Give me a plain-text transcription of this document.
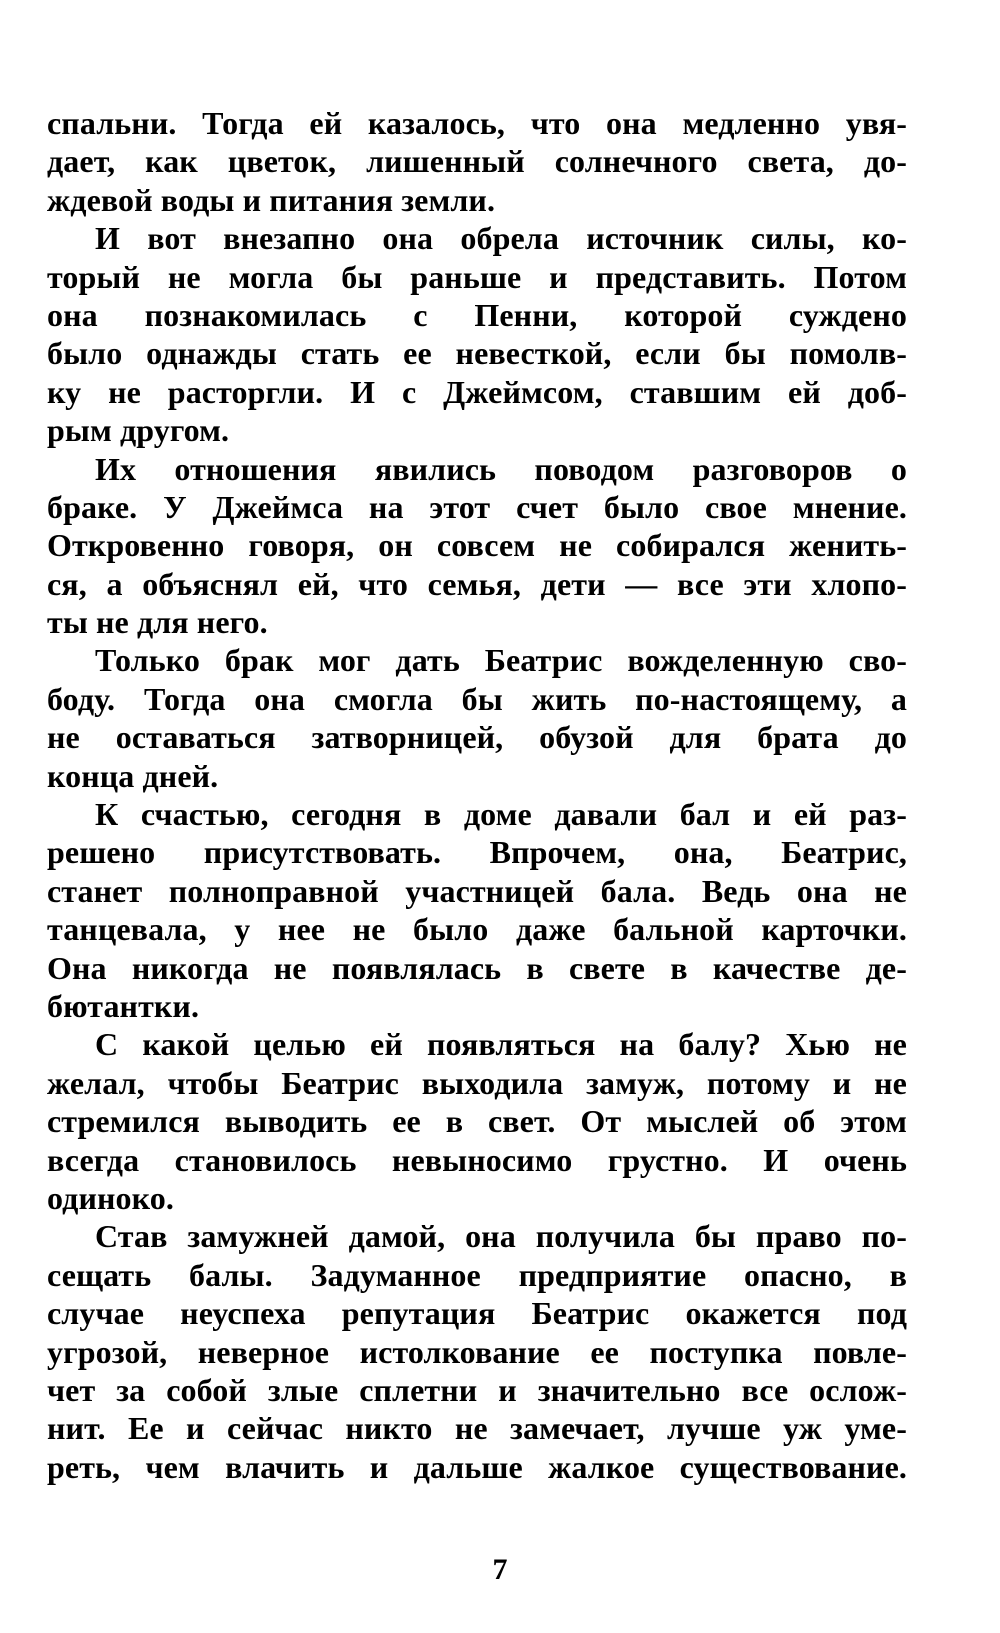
спальни. Тогда ей казалось, что она медленно увя-
дает, как цветок, лишенный солнечного света, до-
ждевой воды и питания земли.
И вот внезапно она обрела источник силы, ко-
торый не могла бы раньше и представить. Потом
она познакомилась с Пенни, которой суждено
было однажды стать ее невесткой, если бы помолв-
ку не расторгли. И с Джеймсом, ставшим ей доб-
рым другом.
Их отношения явились поводом разговоров о
браке. У Джеймса на этот счет было свое мнение.
Откровенно говоря, он совсем не собирался женить-
ся, а объяснял ей, что семья, дети — все эти хлопо-
ты не для него.
Только брак мог дать Беатрис вожделенную сво-
боду. Тогда она смогла бы жить по-настоящему, а
не оставаться затворницей, обузой для брата до
конца дней.
К счастью, сегодня в доме давали бал и ей раз-
решено присутствовать. Впрочем, она, Беатрис,
станет полноправной участницей бала. Ведь она не
танцевала, у нее не было даже бальной карточки.
Она никогда не появлялась в свете в качестве де-
бютантки.
С какой целью ей появляться на балу? Хью не
желал, чтобы Беатрис выходила замуж, потому и не
стремился выводить ее в свет. От мыслей об этом
всегда становилось невыносимо грустно. И очень
одиноко.
Став замужней дамой, она получила бы право по-
сещать балы. Задуманное предприятие опасно, в
случае неуспеха репутация Беатрис окажется под
угрозой, неверное истолкование ее поступка повле-
чет за собой злые сплетни и значительно все ослож-
нит. Ее и сейчас никто не замечает, лучше уж уме-
реть, чем влачить и дальше жалкое существование.
7
